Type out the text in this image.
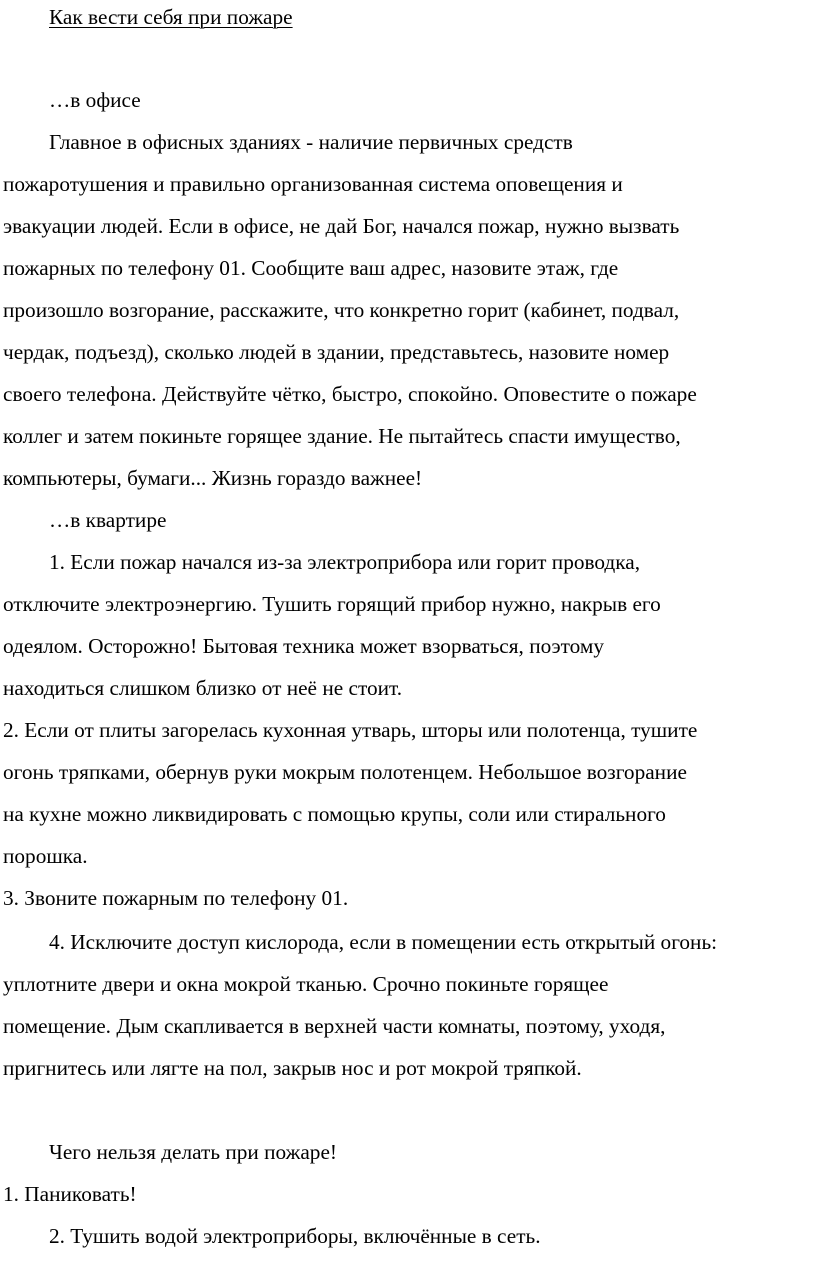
Как вести себя при пожаре
…в офисе
Главное в офисных зданиях - наличие первичных средств
пожаротушения и правильно организованная система оповещения и
эвакуации людей. Если в офисе, не дай Бог, начался пожар, нужно вызвать
пожарных по телефону 01. Сообщите ваш адрес, назовите этаж, где
произошло возгорание, расскажите, что конкретно горит (кабинет, подвал,
чердак, подъезд), сколько людей в здании, представьтесь, назовите номер
своего телефона. Действуйте чётко, быстро, спокойно. Оповестите о пожаре
коллег и затем покиньте горящее здание. Не пытайтесь спасти имущество,
компьютеры, бумаги... Жизнь гораздо важнее!
…в квартире
1. Если пожар начался из-за электроприбора или горит проводка,
отключите электроэнергию. Тушить горящий прибор нужно, накрыв его
одеялом. Осторожно! Бытовая техника может взорваться, поэтому
находиться слишком близко от неё не стоит.
2. Если от плиты загорелась кухонная утварь, шторы или полотенца, тушите
огонь тряпками, обернув руки мокрым полотенцем. Небольшое возгорание
на кухне можно ликвидировать с помощью крупы, соли или стирального
порошка.
3. Звоните пожарным по телефону 01.
4. Исключите доступ кислорода, если в помещении есть открытый огонь:
уплотните двери и окна мокрой тканью. Срочно покиньте горящее
помещение. Дым скапливается в верхней части комнаты, поэтому, уходя,
пригнитесь или лягте на пол, закрыв нос и рот мокрой тряпкой.
Чего нельзя делать при пожаре!
1. Паниковать!
2. Тушить водой электроприборы, включённые в сеть.
